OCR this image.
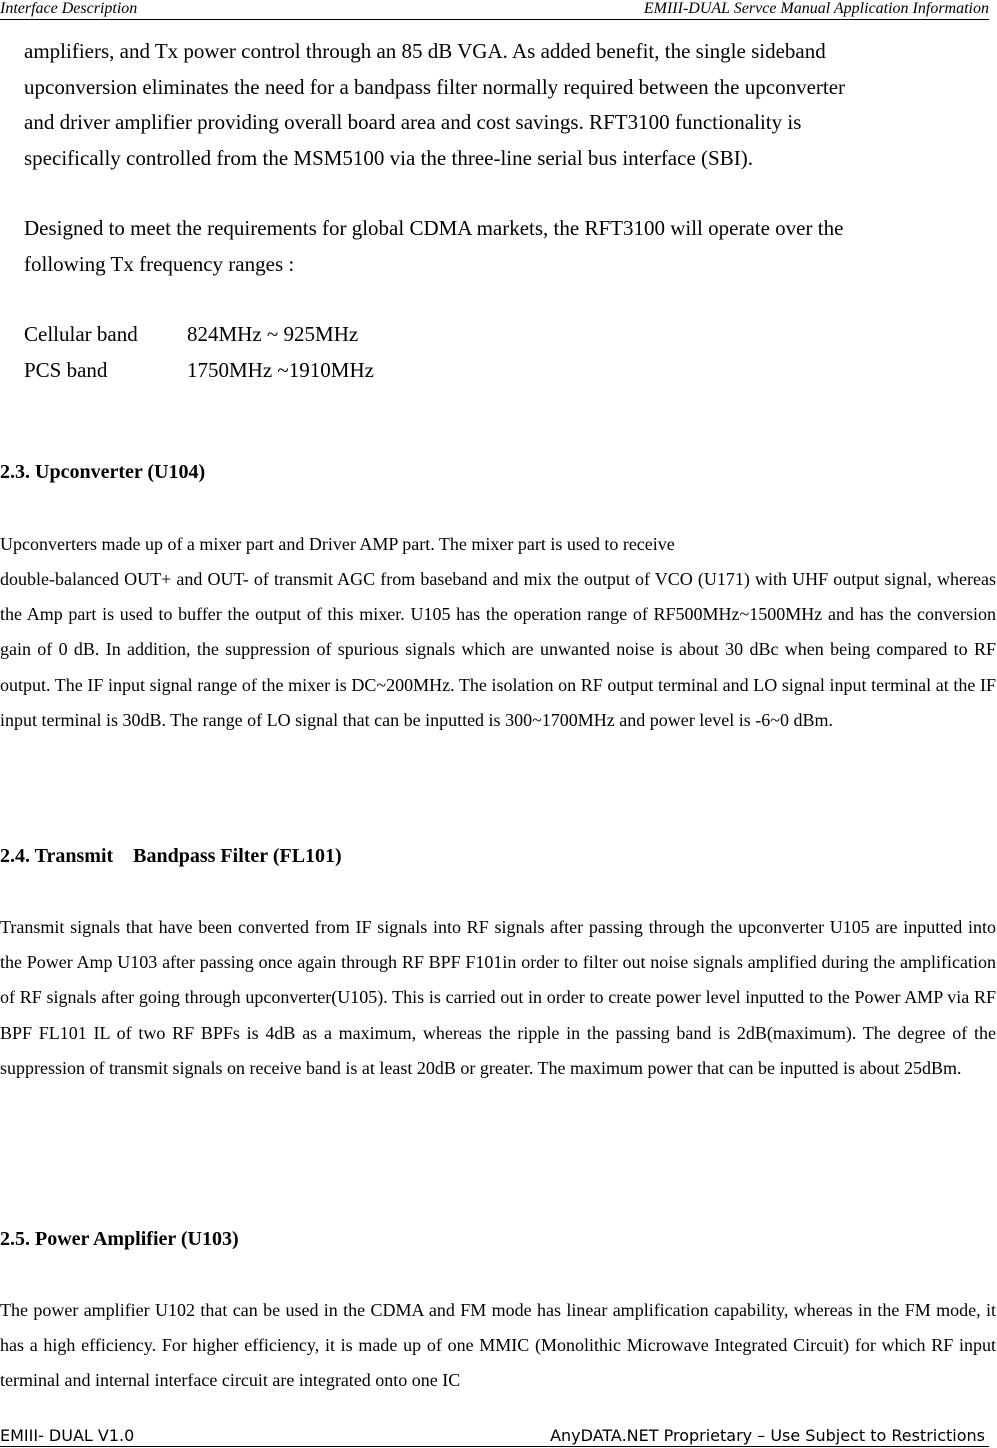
Interface Description	EMIII-DUAL Servce Manual Application Information

amplifiers, and Tx power control through an 85 dB VGA. As added benefit, the single sideband

upconversion eliminates the need for a bandpass filter normally required between the upconverter

and driver amplifier providing overall board area and cost savings. RFT3100 functionality is

specifically controlled from the MSM5100 via the three-line serial bus interface (SBI).

Designed to meet the requirements for global CDMA markets, the RFT3100 will operate over the

following Tx frequency ranges :

Cellular band	824MHz ~ 925MHz
PCS band	1750MHz ~1910MHz
2.3. Upconverter (U104)
Upconverters made up of a mixer part and Driver AMP part. The mixer part is used to receive

double-balanced OUT+ and OUT- of transmit AGC from baseband and mix the output of VCO (U171) with UHF output signal, whereas the Amp part is used to buffer the output of this mixer. U105 has the operation range of RF500MHz~1500MHz and has the conversion gain of 0 dB. In addition, the suppression of spurious signals which are unwanted noise is about 30 dBc when being compared to RF output. The IF input signal range of the mixer is DC~200MHz. The isolation on RF output terminal and LO signal input terminal at the IF input terminal is 30dB. The range of LO signal that can be inputted is 300~1700MHz and power level is -6~0 dBm.

2.4. Transmit    Bandpass Filter (FL101)

Transmit signals that have been converted from IF signals into RF signals after passing through the upconverter U105 are inputted into the Power Amp U103 after passing once again through RF BPF F101in order to filter out noise signals amplified during the amplification of RF signals after going through upconverter(U105). This is carried out in order to create power level inputted to the Power AMP via RF BPF FL101 IL of two RF BPFs is 4dB as a maximum, whereas the ripple in the passing band is 2dB(maximum). The degree of the suppression of transmit signals on receive band is at least 20dB or greater. The maximum power that can be inputted is about 25dBm.

2.5. Power Amplifier (U103)

The power amplifier U102 that can be used in the CDMA and FM mode has linear amplification capability, whereas in the FM mode, it has a high efficiency. For higher efficiency, it is made up of one MMIC (Monolithic Microwave Integrated Circuit) for which RF input terminal and internal interface circuit are integrated onto one IC

EMIII- DUAL V1.0	AnyDATA.NET Proprietary – Use Subject to Restrictions
